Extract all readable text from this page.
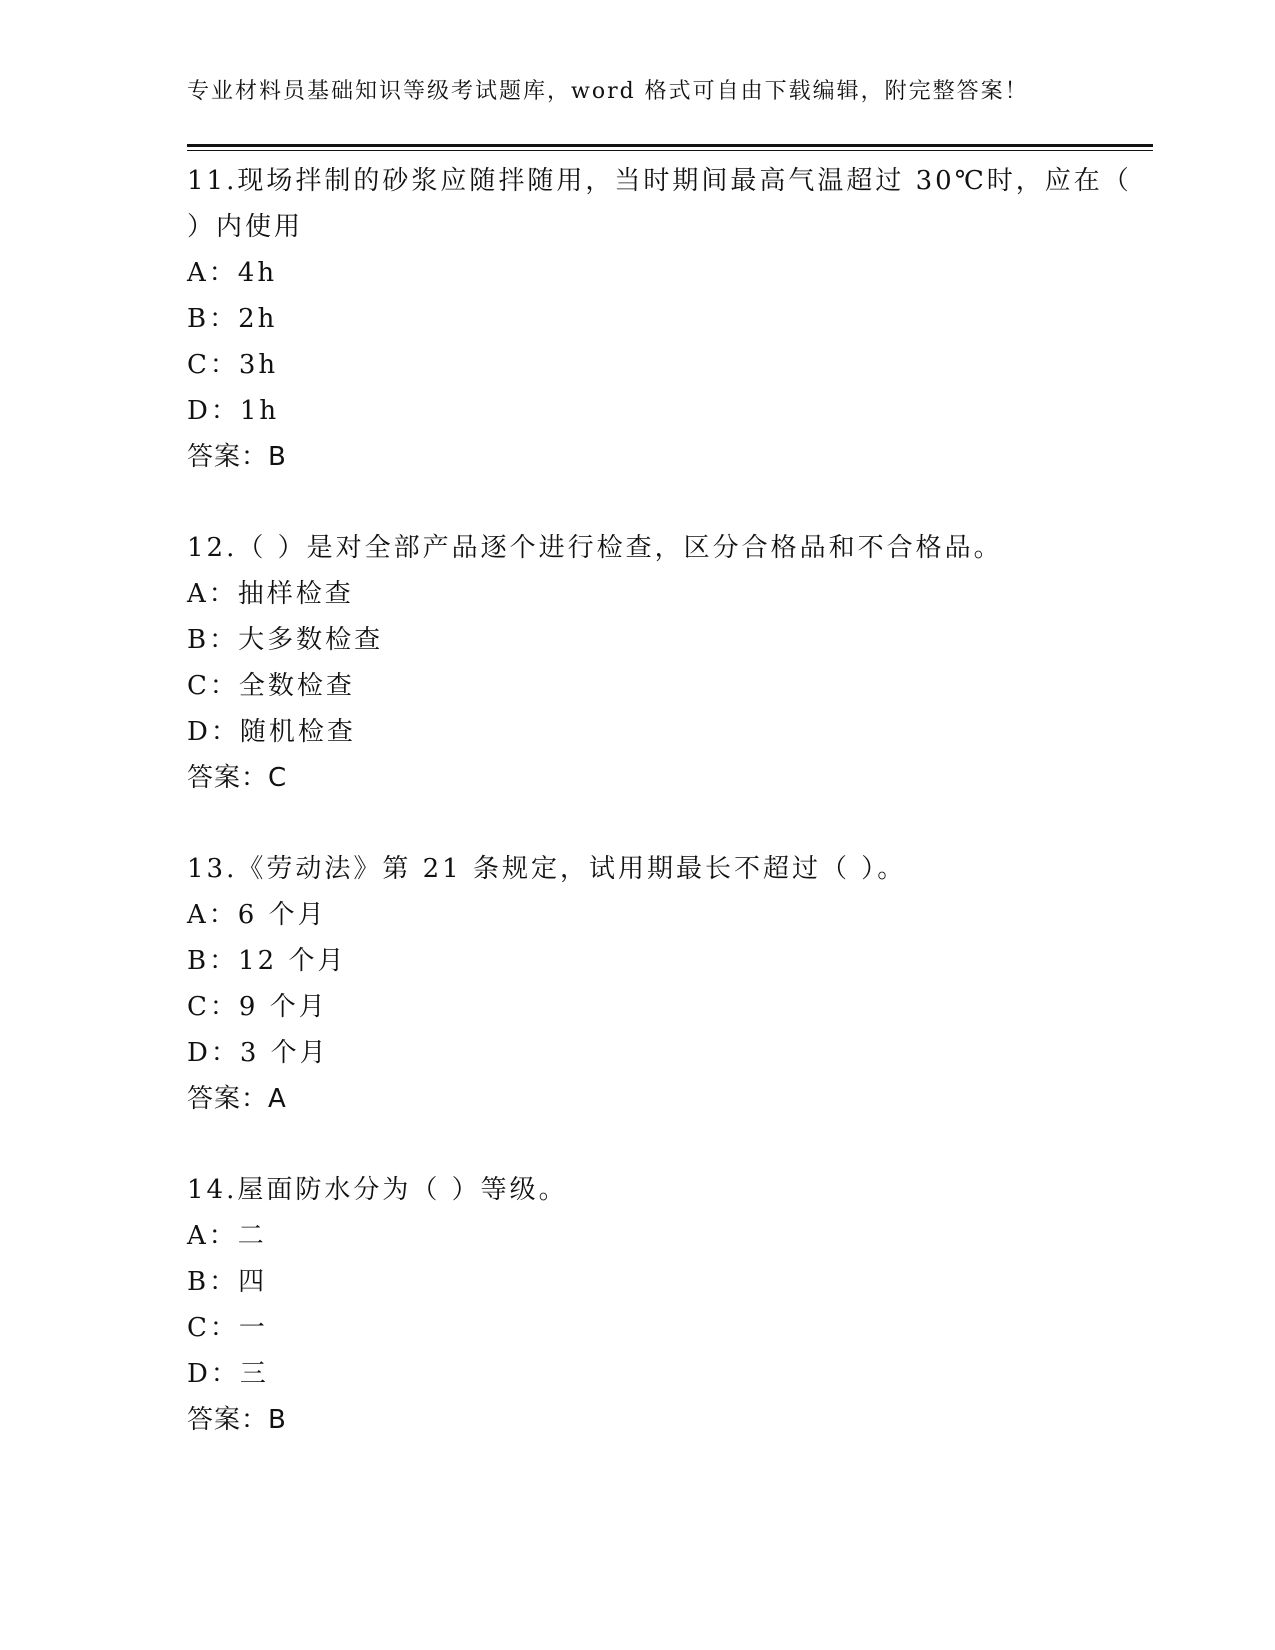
专业材料员基础知识等级考试题库，word 格式可自由下载编辑，附完整答案！
11.现场拌制的砂浆应随拌随用，当时期间最高气温超过 30℃时，应在（ ）内使用
A：4h
B：2h
C：3h
D：1h
答案：B
12.（ ）是对全部产品逐个进行检查，区分合格品和不合格品。
A：抽样检查
B：大多数检查
C：全数检查
D：随机检查
答案：C
13.《劳动法》第 21 条规定，试用期最长不超过（ ）。
A：6 个月
B：12 个月
C：9 个月
D：3 个月
答案：A
14.屋面防水分为（ ）等级。
A：二
B：四
C：一
D：三
答案：B
